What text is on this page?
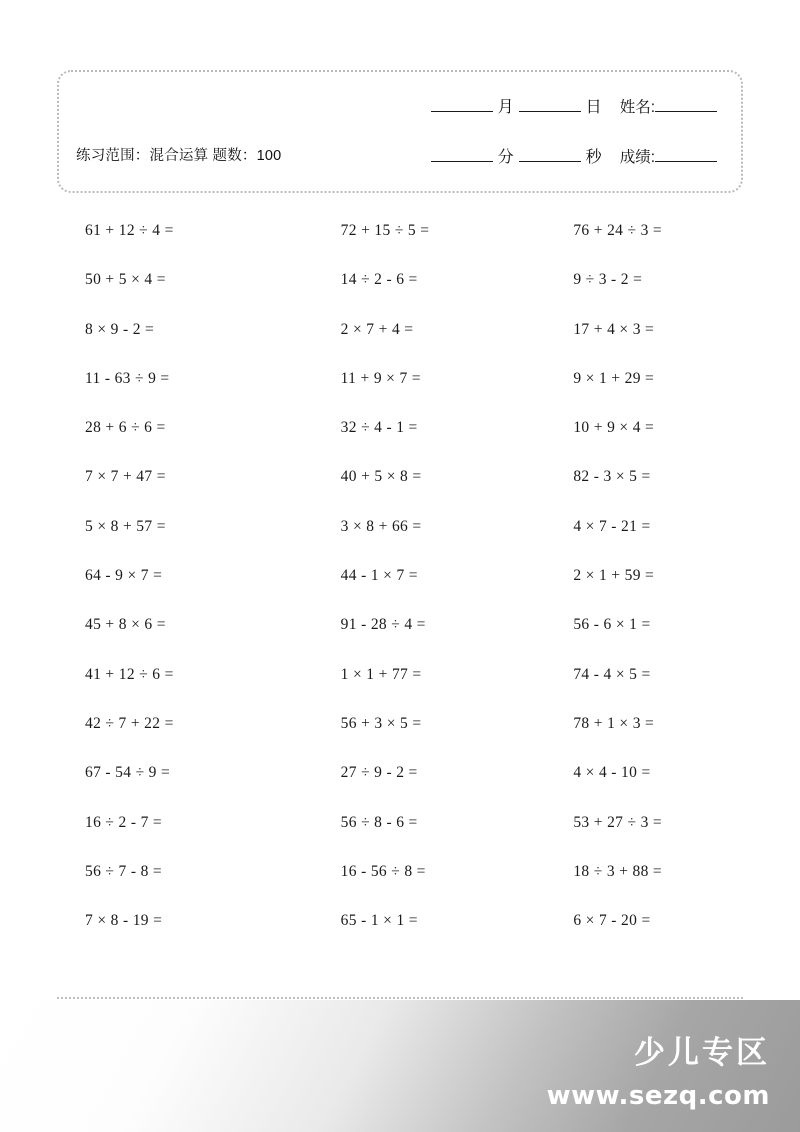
练习范围：混合运算 题数：100
月	日	姓名:
分	秒	成绩:
61 + 12 ÷ 4 =	72 + 15 ÷ 5 =	76 + 24 ÷ 3 =
50 + 5 × 4 =	14 ÷ 2 - 6 =	9 ÷ 3 - 2 =
8 × 9 - 2 =	2 × 7 + 4 =	17 + 4 × 3 =
11 - 63 ÷ 9 =	11 + 9 × 7 =	9 × 1 + 29 =
28 + 6 ÷ 6 =	32 ÷ 4 - 1 =	10 + 9 × 4 =
7 × 7 + 47 =	40 + 5 × 8 =	82 - 3 × 5 =
5 × 8 + 57 =	3 × 8 + 66 =	4 × 7 - 21 =
64 - 9 × 7 =	44 - 1 × 7 =	2 × 1 + 59 =
45 + 8 × 6 =	91 - 28 ÷ 4 =	56 - 6 × 1 =
41 + 12 ÷ 6 =	1 × 1 + 77 =	74 - 4 × 5 =
42 ÷ 7 + 22 =	56 + 3 × 5 =	78 + 1 × 3 =
67 - 54 ÷ 9 =	27 ÷ 9 - 2 =	4 × 4 - 10 =
16 ÷ 2 - 7 =	56 ÷ 8 - 6 =	53 + 27 ÷ 3 =
56 ÷ 7 - 8 =	16 - 56 ÷ 8 =	18 ÷ 3 + 88 =
7 × 8 - 19 =	65 - 1 × 1 =	6 × 7 - 20 =
少儿专区
www.sezq.com
